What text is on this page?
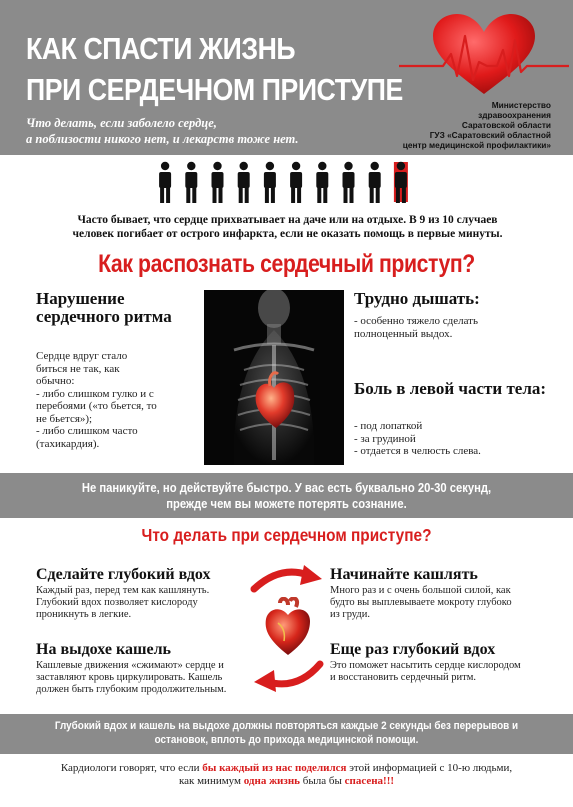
КАК СПАСТИ ЖИЗНЬ
ПРИ СЕРДЕЧНОМ ПРИСТУПЕ
Что делать, если заболело сердце,
а поблизости никого нет, и лекарств тоже нет.
Министерство
здравоохранения
Саратовской области
ГУЗ «Саратовский областной
центр медицинской профилактики»
Часто бывает, что сердце прихватывает на даче или на отдыхе. В 9 из 10 случаев
человек погибает от острого инфаркта, если не оказать помощь в первые минуты.
Как распознать сердечный приступ?
Нарушение сердечного ритма
Сердце вдруг стало
биться не так, как
обычно:
- либо слишком гулко и с
перебоями («то бьется, то
не бьется»);
- либо слишком часто
(тахикардия).
Трудно дышать:
- особенно тяжело сделать
полноценный выдох.
Боль в левой части тела:
- под лопаткой
- за грудиной
- отдается в челюсть слева.
Не паникуйте, но действуйте быстро. У вас есть буквально 20-30 секунд,
прежде чем вы можете потерять сознание.
Что делать при сердечном приступе?
Сделайте глубокий вдох
Каждый раз, перед тем как кашлянуть.
Глубокий вдох позволяет кислороду
проникнуть в легкие.
Начинайте кашлять
Много раз и с очень большой силой, как
будто вы выплевываете мокроту глубоко
из груди.
На выдохе кашель
Кашлевые движения «сжимают» сердце и
заставляют кровь циркулировать. Кашель
должен быть глубоким продолжительным.
Еще раз глубокий вдох
Это поможет насытить сердце кислородом
и восстановить сердечный ритм.
Глубокий вдох и кашель на выдохе должны повторяться каждые 2 секунды без перерывов и
остановок, вплоть до прихода медицинской помощи.
Кардиологи говорят, что если бы каждый из нас поделился этой информацией с 10-ю людьми,
как минимум одна жизнь была бы спасена!!!
